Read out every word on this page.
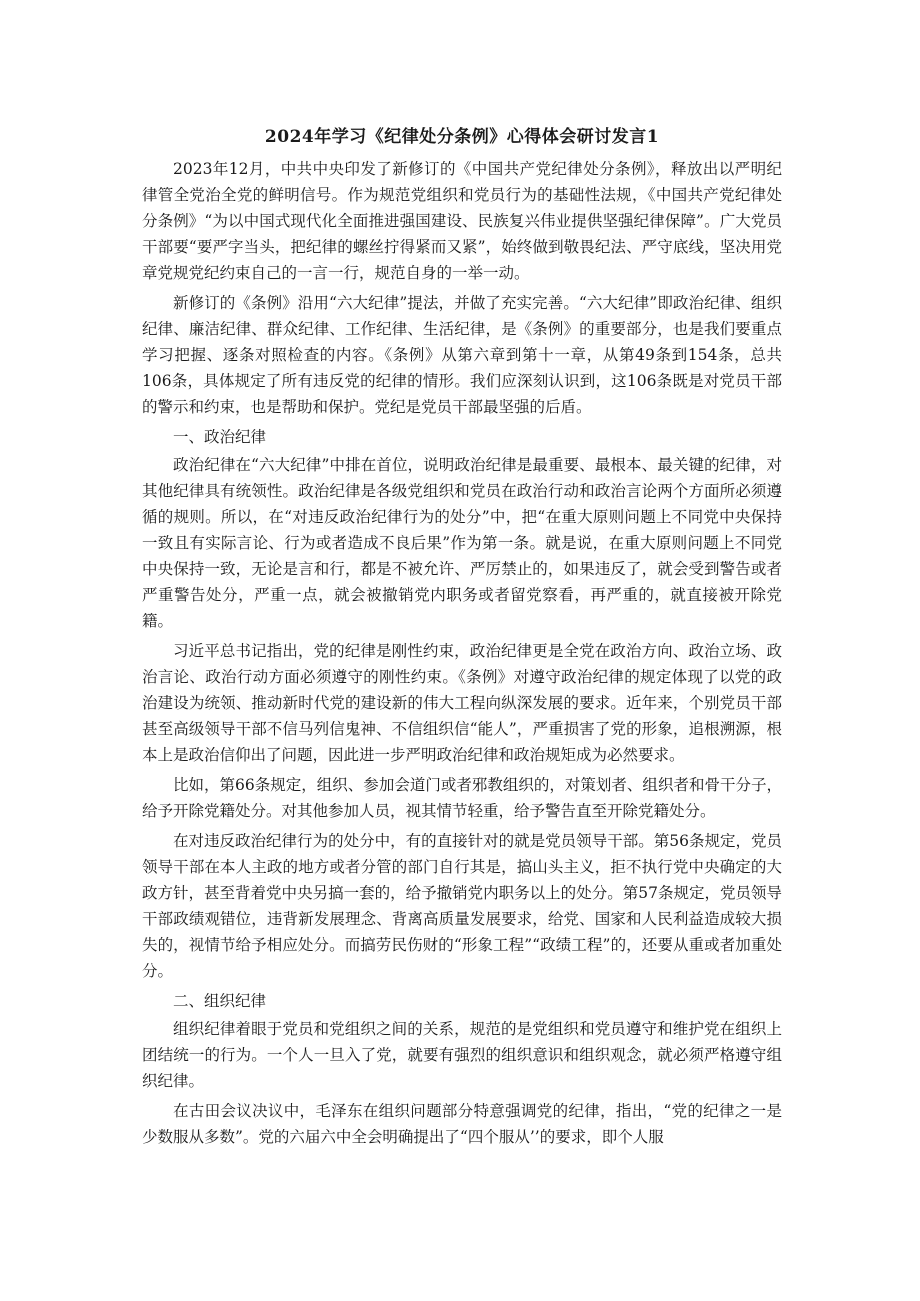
2024年学习《纪律处分条例》心得体会研讨发言1

2023年12月，中共中央印发了新修订的《中国共产党纪律处分条例》，释放出以严明纪律管全党治全党的鲜明信号。作为规范党组织和党员行为的基础性法规，《中国共产党纪律处分条例》“为以中国式现代化全面推进强国建设、民族复兴伟业提供坚强纪律保障”。广大党员干部要“要严字当头，把纪律的螺丝拧得紧而又紧”，始终做到敬畏纪法、严守底线，坚决用党章党规党纪约束自己的一言一行，规范自身的一举一动。

新修订的《条例》沿用“六大纪律”提法，并做了充实完善。“六大纪律”即政治纪律、组织纪律、廉洁纪律、群众纪律、工作纪律、生活纪律，是《条例》的重要部分，也是我们要重点学习把握、逐条对照检查的内容。《条例》从第六章到第十一章，从第49条到154条，总共106条，具体规定了所有违反党的纪律的情形。我们应深刻认识到，这106条既是对党员干部的警示和约束，也是帮助和保护。党纪是党员干部最坚强的后盾。

一、政治纪律

政治纪律在“六大纪律”中排在首位，说明政治纪律是最重要、最根本、最关键的纪律，对其他纪律具有统领性。政治纪律是各级党组织和党员在政治行动和政治言论两个方面所必须遵循的规则。所以，在“对违反政治纪律行为的处分”中，把“在重大原则问题上不同党中央保持一致且有实际言论、行为或者造成不良后果”作为第一条。就是说，在重大原则问题上不同党中央保持一致，无论是言和行，都是不被允许、严厉禁止的，如果违反了，就会受到警告或者严重警告处分，严重一点，就会被撤销党内职务或者留党察看，再严重的，就直接被开除党籍。

习近平总书记指出，党的纪律是刚性约束，政治纪律更是全党在政治方向、政治立场、政治言论、政治行动方面必须遵守的刚性约束。《条例》对遵守政治纪律的规定体现了以党的政治建设为统领、推动新时代党的建设新的伟大工程向纵深发展的要求。近年来，个别党员干部甚至高级领导干部不信马列信鬼神、不信组织信“能人”，严重损害了党的形象，追根溯源，根本上是政治信仰出了问题，因此进一步严明政治纪律和政治规矩成为必然要求。

比如，第66条规定，组织、参加会道门或者邪教组织的，对策划者、组织者和骨干分子，给予开除党籍处分。对其他参加人员，视其情节轻重，给予警告直至开除党籍处分。

在对违反政治纪律行为的处分中，有的直接针对的就是党员领导干部。第56条规定，党员领导干部在本人主政的地方或者分管的部门自行其是，搞山头主义，拒不执行党中央确定的大政方针，甚至背着党中央另搞一套的，给予撤销党内职务以上的处分。第57条规定，党员领导干部政绩观错位，违背新发展理念、背离高质量发展要求，给党、国家和人民利益造成较大损失的，视情节给予相应处分。而搞劳民伤财的“形象工程”“政绩工程”的，还要从重或者加重处分。

二、组织纪律

组织纪律着眼于党员和党组织之间的关系，规范的是党组织和党员遵守和维护党在组织上团结统一的行为。一个人一旦入了党，就要有强烈的组织意识和组织观念，就必须严格遵守组织纪律。

在古田会议决议中，毛泽东在组织问题部分特意强调党的纪律，指出，“党的纪律之一是少数服从多数”。党的六届六中全会明确提出了“四个服从’’的要求，即个人服
